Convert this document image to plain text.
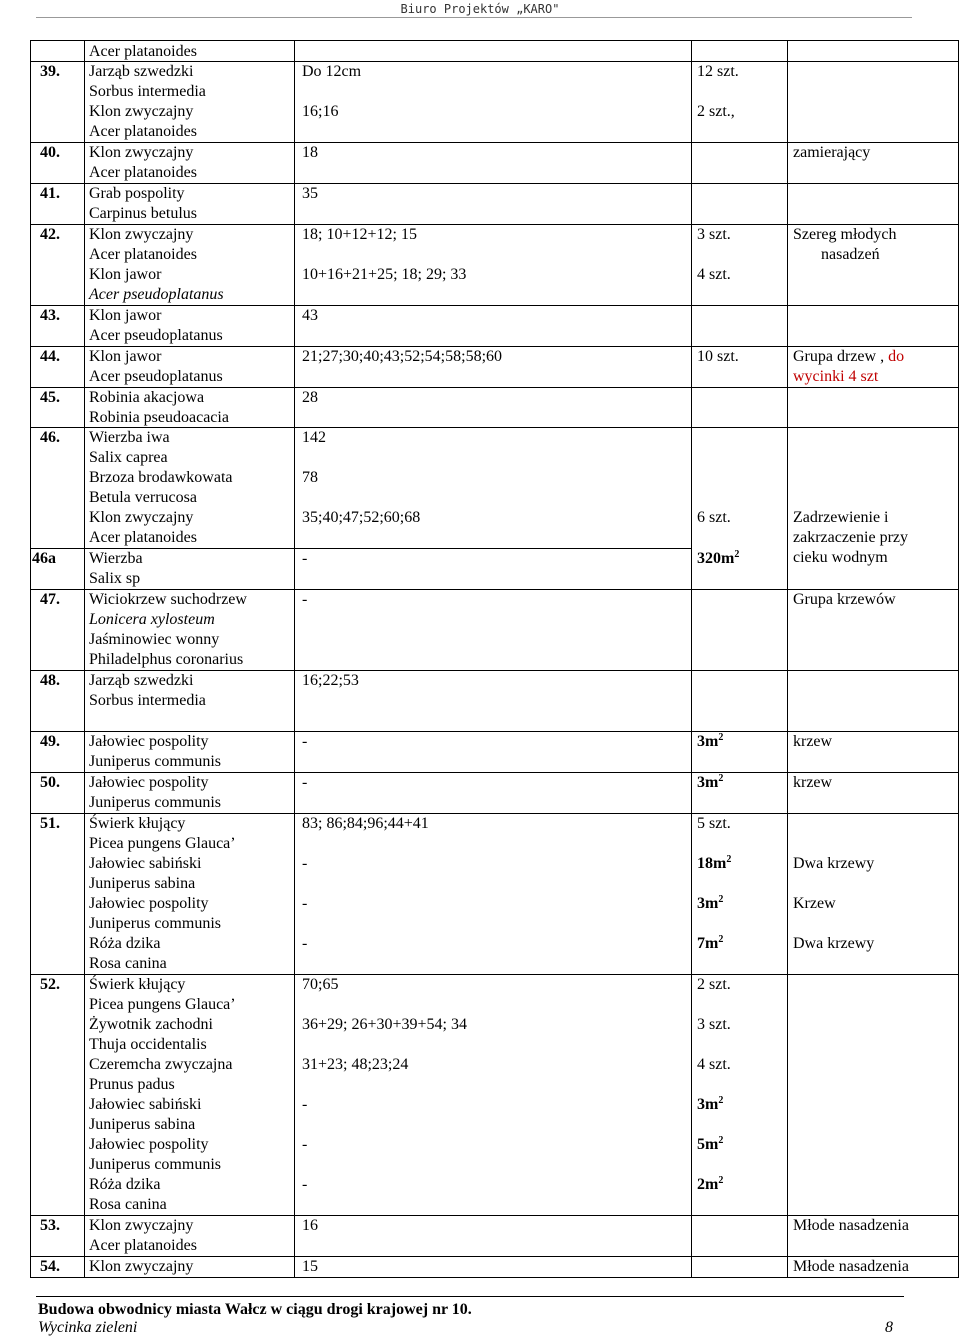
Biuro Projektów „KARO"
Acer platanoides
39. Jarząb szwedzki
Sorbus intermedia
Klon zwyczajny
Acer platanoides
40. Klon zwyczajny
Acer platanoides
41. Grab pospolity
Carpinus betulus
42. Klon zwyczajny
Acer platanoides
Klon jawor
Acer pseudoplatanus
43. Klon jawor
Acer pseudoplatanus
44. Klon jawor
Acer pseudoplatanus
45. Robinia akacjowa
Robinia pseudoacacia
46. Wierzba iwa
Salix caprea
Brzoza brodawkowata
Betula verrucosa
Klon zwyczajny
Acer platanoides
46a Wierzba
Salix sp
47. Wiciokrzew suchodrzew
Lonicera xylosteum
Jaśminowiec wonny
Philadelphus coronarius
48. Jarząb szwedzki
Sorbus intermedia
49. Jałowiec pospolity
Juniperus communis
50. Jałowiec pospolity
Juniperus communis
51. Świerk kłujący
Picea pungens Glauca’
Jałowiec sabiński
Juniperus sabina
Jałowiec pospolity
Juniperus communis
Róża dzika
Rosa canina
52. Świerk kłujący
Picea pungens Glauca’
Żywotnik zachodni
Thuja occidentalis
Czeremcha zwyczajna
Prunus padus
Jałowiec sabiński
Juniperus sabina
Jałowiec pospolity
Juniperus communis
Róża dzika
Rosa canina
53. Klon zwyczajny
Acer platanoides
54. Klon zwyczajny
Do 12cm
16;16
18
35
18; 10+12+12; 15
10+16+21+25; 18; 29; 33
43
21;27;30;40;43;52;54;58;58;60
28
142
78
35;40;47;52;60;68
-
-
16;22;53
-
-
83; 86;84;96;44+41
-
-
-
70;65
36+29; 26+30+39+54; 34
31+23; 48;23;24
-
-
-
16
15
12 szt.
2 szt.,
3 szt.
4 szt.
10 szt.
6 szt.
$320m^2$
$3m^2$
$3m^2$
5 szt.
$18m^2$
$3m^2$
$7m^2$
2 szt.
3 szt.
4 szt.
$3m^2$
$5m^2$
$2m^2$
zamierający
Szereg młodych
nasadzeń
Grupa drzew , do
wycinki 4 szt
Zadrzewienie i
zakrzaczenie przy
cieku wodnym
Grupa krzewów
krzew
krzew
Dwa krzewy
Krzew
Dwa krzewy
Młode nasadzenia
Młode nasadzenia
Budowa obwodnicy miasta Wałcz w ciągu drogi krajowej nr 10.
Wycinka zieleni	8
